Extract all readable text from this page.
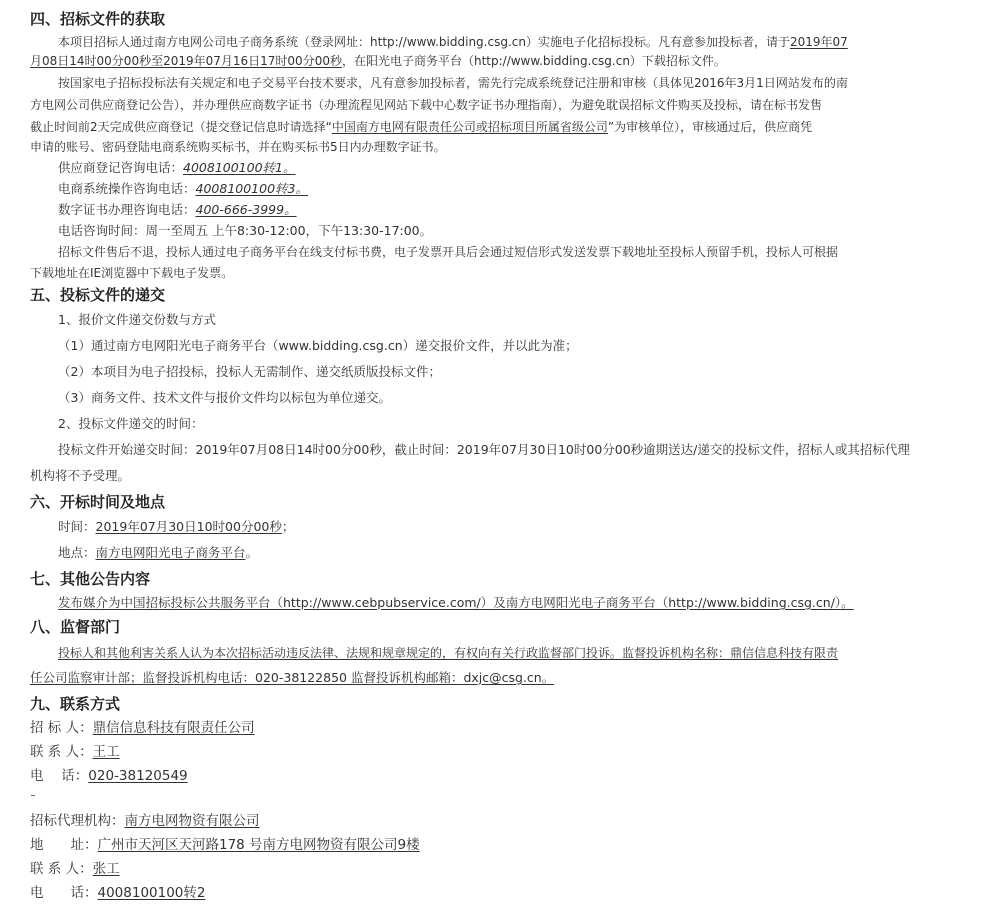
四、招标文件的获取
本项目招标人通过南方电网公司电子商务系统（登录网址：http://www.bidding.csg.cn）实施电子化招标投标。凡有意参加投标者，请于2019年07
月08日14时00分00秒至2019年07月16日17时00分00秒，在阳光电子商务平台（http://www.bidding.csg.cn）下载招标文件。
按国家电子招标投标法有关规定和电子交易平台技术要求，凡有意参加投标者，需先行完成系统登记注册和审核（具体见2016年3月1日网站发布的南
方电网公司供应商登记公告），并办理供应商数字证书（办理流程见网站下载中心数字证书办理指南），为避免耽误招标文件购买及投标，请在标书发售
截止时间前2天完成供应商登记（提交登记信息时请选择“中国南方电网有限责任公司或招标项目所属省级公司”为审核单位），审核通过后，供应商凭
申请的账号、密码登陆电商系统购买标书，并在购买标书5日内办理数字证书。
供应商登记咨询电话：4008100100转1。
电商系统操作咨询电话：4008100100转3。
数字证书办理咨询电话：400-666-3999。
电话咨询时间：周一至周五 上午8:30-12:00，下午13:30-17:00。
招标文件售后不退，投标人通过电子商务平台在线支付标书费，电子发票开具后会通过短信形式发送发票下载地址至投标人预留手机，投标人可根据
下载地址在IE浏览器中下载电子发票。
五、投标文件的递交
1、报价文件递交份数与方式
（1）通过南方电网阳光电子商务平台（www.bidding.csg.cn）递交报价文件，并以此为准；
（2）本项目为电子招投标，投标人无需制作、递交纸质版投标文件；
（3）商务文件、技术文件与报价文件均以标包为单位递交。
2、投标文件递交的时间：
投标文件开始递交时间：2019年07月08日14时00分00秒，截止时间：2019年07月30日10时00分00秒逾期送达/递交的投标文件，招标人或其招标代理
机构将不予受理。
六、开标时间及地点
时间：2019年07月30日10时00分00秒；
地点：南方电网阳光电子商务平台。
七、其他公告内容
发布媒介为中国招标投标公共服务平台（http://www.cebpubservice.com/）及南方电网阳光电子商务平台（http://www.bidding.csg.cn/）。
八、监督部门
投标人和其他利害关系人认为本次招标活动违反法律、法规和规章规定的，有权向有关行政监督部门投诉。监督投诉机构名称：鼎信信息科技有限责
任公司监察审计部；监督投诉机构电话：020-38122850 监督投诉机构邮箱：dxjc@csg.cn。
九、联系方式
招 标 人：鼎信信息科技有限责任公司
联 系 人：王工
电　 话：020-38120549
招标代理机构：南方电网物资有限公司
地　　址：广州市天河区天河路178 号南方电网物资有限公司9楼
联 系 人：张工
电　　话：4008100100转2
